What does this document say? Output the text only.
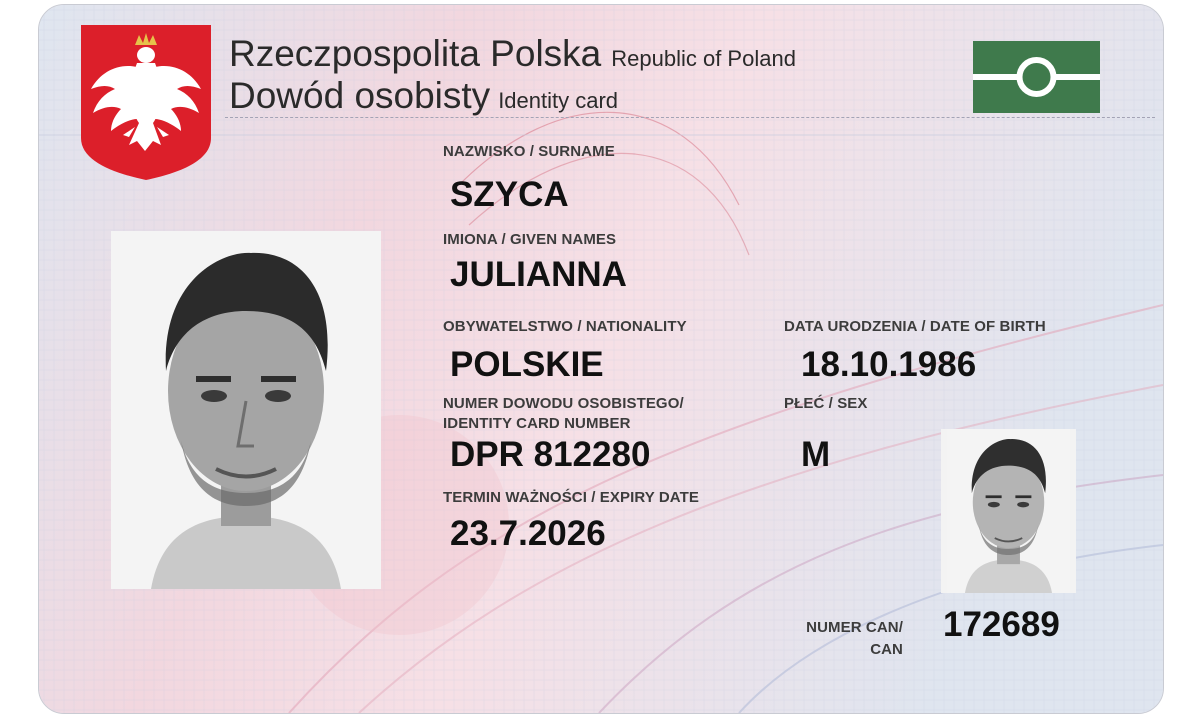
Rzeczpospolita Polska Republic of Poland
Dowód osobisty Identity card
NAZWISKO / SURNAME
SZYCA
IMIONA / GIVEN NAMES
JULIANNA
OBYWATELSTWO / NATIONALITY
POLSKIE
DATA URODZENIA / DATE OF BIRTH
18.10.1986
NUMER DOWODU OSOBISTEGO/
IDENTITY CARD NUMBER
DPR 812280
PŁEĆ / SEX
M
TERMIN WAŻNOŚCI / EXPIRY DATE
23.7.2026
NUMER CAN/
CAN
172689
